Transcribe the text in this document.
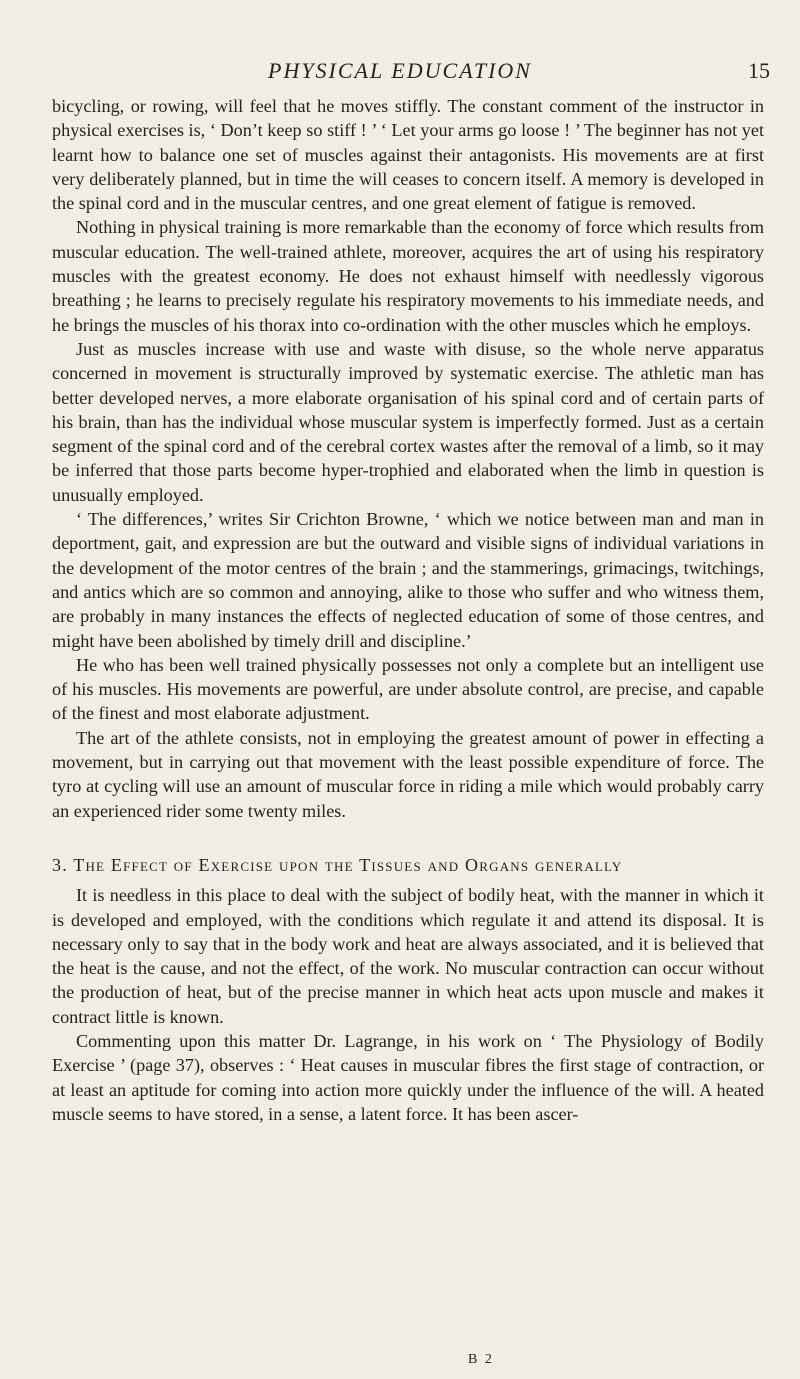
PHYSICAL EDUCATION	15

bicycling, or rowing, will feel that he moves stiffly. The constant comment of the instructor in physical exercises is, ‘ Don’t keep so stiff ! ’ ‘ Let your arms go loose ! ’ The beginner has not yet learnt how to balance one set of muscles against their antagonists. His movements are at first very deliberately planned, but in time the will ceases to concern itself. A memory is developed in the spinal cord and in the muscular centres, and one great element of fatigue is removed.

Nothing in physical training is more remarkable than the economy of force which results from muscular education. The well-trained athlete, moreover, acquires the art of using his respiratory muscles with the greatest economy. He does not exhaust himself with needlessly vigorous breathing ; he learns to precisely regulate his respiratory movements to his immediate needs, and he brings the muscles of his thorax into co-ordination with the other muscles which he employs.

Just as muscles increase with use and waste with disuse, so the whole nerve apparatus concerned in movement is structurally improved by systematic exercise. The athletic man has better developed nerves, a more elaborate organisation of his spinal cord and of certain parts of his brain, than has the individual whose muscular system is imperfectly formed. Just as a certain segment of the spinal cord and of the cerebral cortex wastes after the removal of a limb, so it may be inferred that those parts become hyper-trophied and elaborated when the limb in question is unusually employed.

‘ The differences,’ writes Sir Crichton Browne, ‘ which we notice between man and man in deportment, gait, and expression are but the outward and visible signs of individual variations in the development of the motor centres of the brain ; and the stammerings, grimacings, twitchings, and antics which are so common and annoying, alike to those who suffer and who witness them, are probably in many instances the effects of neglected education of some of those centres, and might have been abolished by timely drill and discipline.’

He who has been well trained physically possesses not only a complete but an intelligent use of his muscles. His movements are powerful, are under absolute control, are precise, and capable of the finest and most elaborate adjustment.

The art of the athlete consists, not in employing the greatest amount of power in effecting a movement, but in carrying out that movement with the least possible expenditure of force. The tyro at cycling will use an amount of muscular force in riding a mile which would probably carry an experienced rider some twenty miles.

3. The Effect of Exercise upon the Tissues and Organs generally

It is needless in this place to deal with the subject of bodily heat, with the manner in which it is developed and employed, with the conditions which regulate it and attend its disposal. It is necessary only to say that in the body work and heat are always associated, and it is believed that the heat is the cause, and not the effect, of the work. No muscular contraction can occur without the production of heat, but of the precise manner in which heat acts upon muscle and makes it contract little is known.

Commenting upon this matter Dr. Lagrange, in his work on ‘ The Physiology of Bodily Exercise ’ (page 37), observes : ‘ Heat causes in muscular fibres the first stage of contraction, or at least an aptitude for coming into action more quickly under the influence of the will. A heated muscle seems to have stored, in a sense, a latent force. It has been ascer-

B 2
